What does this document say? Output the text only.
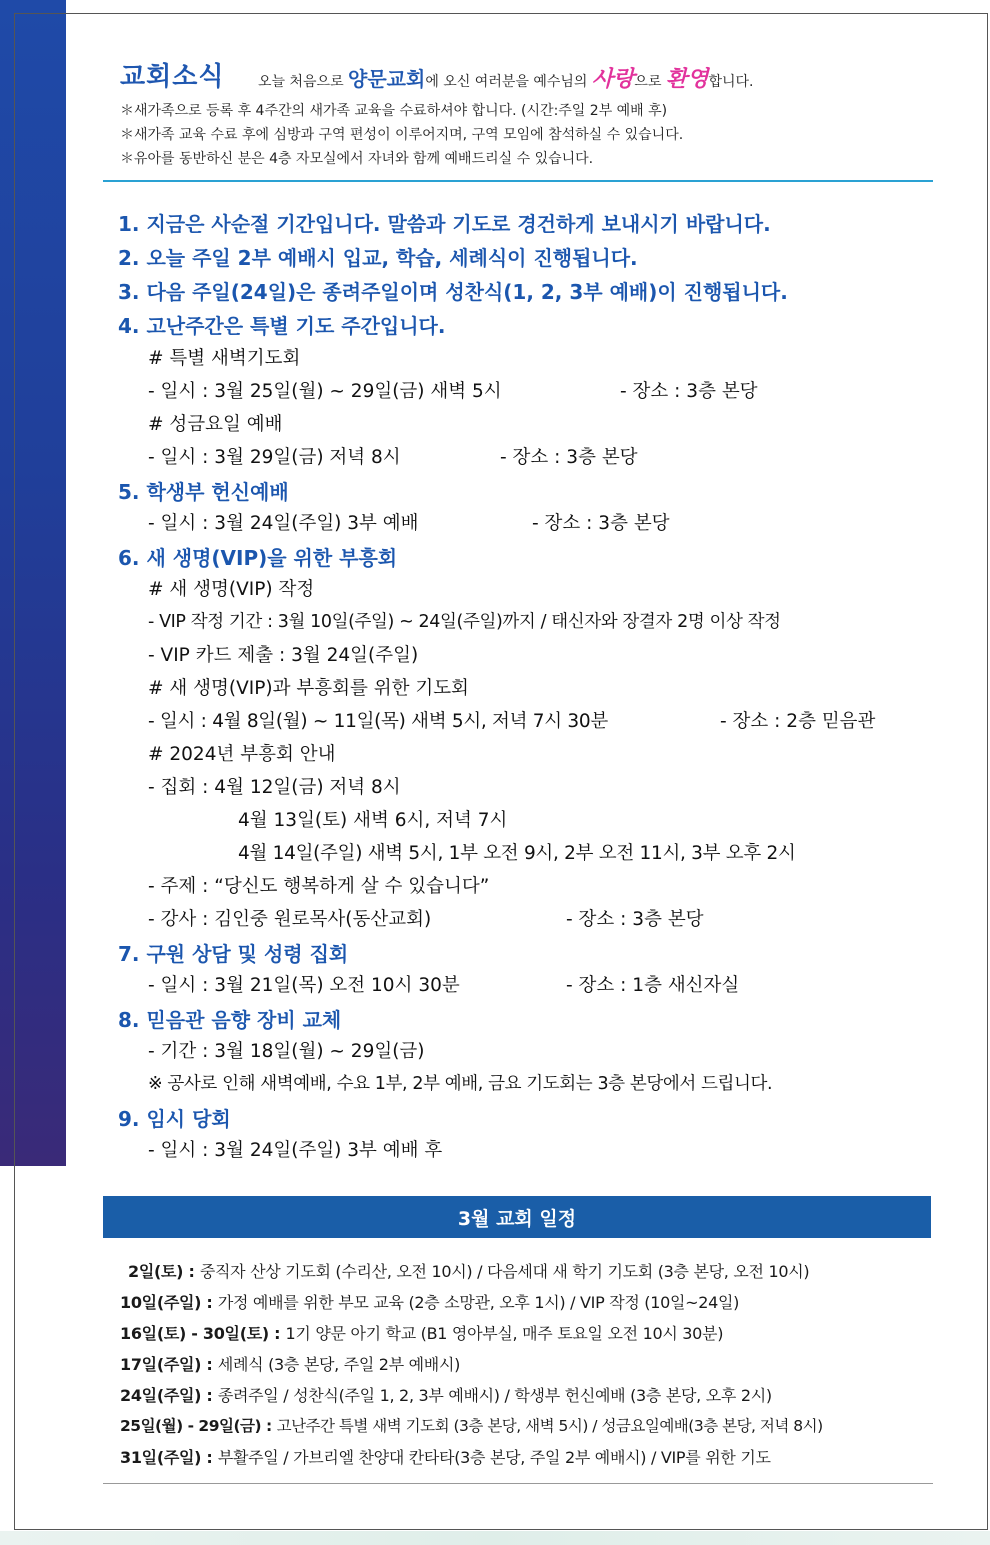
교회소식 오늘 처음으로 양문교회에 오신 여러분을 예수님의 사랑으로 환영합니다.
＊새가족으로 등록 후 4주간의 새가족 교육을 수료하셔야 합니다. (시간:주일 2부 예배 후)
＊새가족 교육 수료 후에 심방과 구역 편성이 이루어지며, 구역 모임에 참석하실 수 있습니다.
＊유아를 동반하신 분은 4층 자모실에서 자녀와 함께 예배드리실 수 있습니다.
1. 지금은 사순절 기간입니다. 말씀과 기도로 경건하게 보내시기 바랍니다.
2. 오늘 주일 2부 예배시 입교, 학습, 세례식이 진행됩니다.
3. 다음 주일(24일)은 종려주일이며 성찬식(1, 2, 3부 예배)이 진행됩니다.
4. 고난주간은 특별 기도 주간입니다.
# 특별 새벽기도회
- 일시 : 3월 25일(월) ~ 29일(금) 새벽 5시	- 장소 : 3층 본당
# 성금요일 예배
- 일시 : 3월 29일(금) 저녁 8시	- 장소 : 3층 본당
5. 학생부 헌신예배
- 일시 : 3월 24일(주일) 3부 예배	- 장소 : 3층 본당
6. 새 생명(VIP)을 위한 부흥회
# 새 생명(VIP) 작정
- VIP 작정 기간 : 3월 10일(주일) ~ 24일(주일)까지 / 태신자와 장결자 2명 이상 작정
- VIP 카드 제출 : 3월 24일(주일)
# 새 생명(VIP)과 부흥회를 위한 기도회
- 일시 : 4월 8일(월) ~ 11일(목) 새벽 5시, 저녁 7시 30분	- 장소 : 2층 믿음관
# 2024년 부흥회 안내
- 집회 : 4월 12일(금) 저녁 8시
4월 13일(토) 새벽 6시, 저녁 7시
4월 14일(주일) 새벽 5시, 1부 오전 9시, 2부 오전 11시, 3부 오후 2시
- 주제 : “당신도 행복하게 살 수 있습니다”
- 강사 : 김인중 원로목사(동산교회)	- 장소 : 3층 본당
7. 구원 상담 및 성령 집회
- 일시 : 3월 21일(목) 오전 10시 30분	- 장소 : 1층 새신자실
8. 믿음관 음향 장비 교체
- 기간 : 3월 18일(월) ~ 29일(금)
※ 공사로 인해 새벽예배, 수요 1부, 2부 예배, 금요 기도회는 3층 본당에서 드립니다.
9. 임시 당회
- 일시 : 3월 24일(주일) 3부 예배 후
3월 교회 일정
2일(토) : 중직자 산상 기도회 (수리산, 오전 10시) / 다음세대 새 학기 기도회 (3층 본당, 오전 10시)
10일(주일) : 가정 예배를 위한 부모 교육 (2층 소망관, 오후 1시) / VIP 작정 (10일~24일)
16일(토) - 30일(토) : 1기 양문 아기 학교 (B1 영아부실, 매주 토요일 오전 10시 30분)
17일(주일) : 세례식 (3층 본당, 주일 2부 예배시)
24일(주일) : 종려주일 / 성찬식(주일 1, 2, 3부 예배시) / 학생부 헌신예배 (3층 본당, 오후 2시)
25일(월) - 29일(금) : 고난주간 특별 새벽 기도회 (3층 본당, 새벽 5시) / 성금요일예배(3층 본당, 저녁 8시)
31일(주일) : 부활주일 / 가브리엘 찬양대 칸타타(3층 본당, 주일 2부 예배시) / VIP를 위한 기도
